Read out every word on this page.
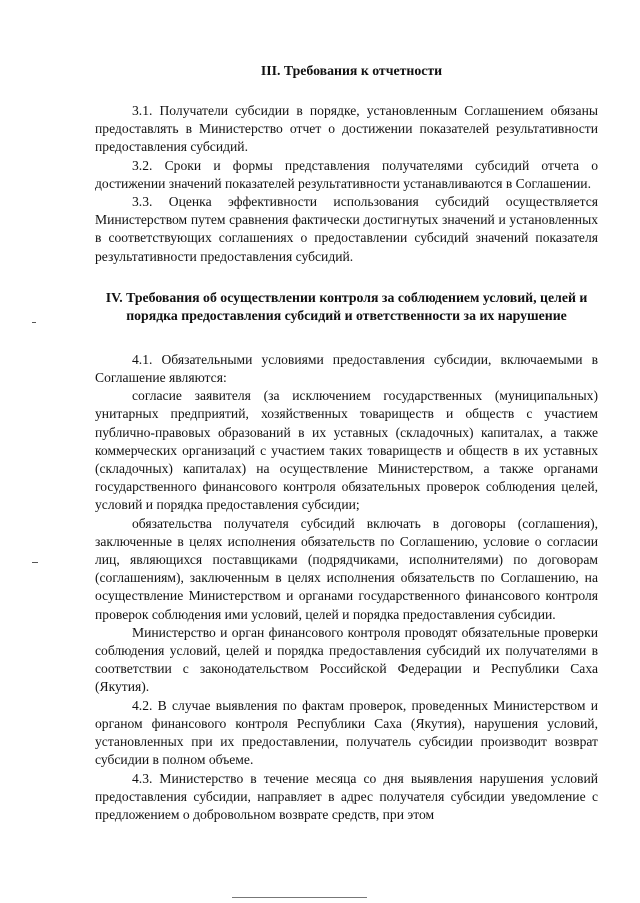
III. Требования к отчетности

3.1. Получатели субсидии в порядке, установленным Соглашением обязаны предоставлять в Министерство отчет о достижении показателей результативности предоставления субсидий.

3.2. Сроки и формы представления получателями субсидий отчета о достижении значений показателей результативности устанавливаются в Соглашении.

3.3. Оценка эффективности использования субсидий осуществляется Министерством путем сравнения фактически достигнутых значений и установленных в соответствующих соглашениях о предоставлении субсидий значений показателя результативности предоставления субсидий.

IV. Требования об осуществлении контроля за соблюдением условий, целей и порядка предоставления субсидий и ответственности за их нарушение

4.1. Обязательными условиями предоставления субсидии, включаемыми в Соглашение являются:

согласие заявителя (за исключением государственных (муниципальных) унитарных предприятий, хозяйственных товариществ и обществ с участием публично-правовых образований в их уставных (складочных) капиталах, а также коммерческих организаций с участием таких товариществ и обществ в их уставных (складочных) капиталах) на осуществление Министерством, а также органами государственного финансового контроля обязательных проверок соблюдения целей, условий и порядка предоставления субсидии;

обязательства получателя субсидий включать в договоры (соглашения), заключенные в целях исполнения обязательств по Соглашению, условие о согласии лиц, являющихся поставщиками (подрядчиками, исполнителями) по договорам (соглашениям), заключенным в целях исполнения обязательств по Соглашению, на осуществление Министерством и органами государственного финансового контроля проверок соблюдения ими условий, целей и порядка предоставления субсидии.

Министерство и орган финансового контроля проводят обязательные проверки соблюдения условий, целей и порядка предоставления субсидий их получателями в соответствии с законодательством Российской Федерации и Республики Саха (Якутия).

4.2. В случае выявления по фактам проверок, проведенных Министерством и органом финансового контроля Республики Саха (Якутия), нарушения условий, установленных при их предоставлении, получатель субсидии производит возврат субсидии в полном объеме.

4.3. Министерство в течение месяца со дня выявления нарушения условий предоставления субсидии, направляет в адрес получателя субсидии уведомление с предложением о добровольном возврате средств, при этом
